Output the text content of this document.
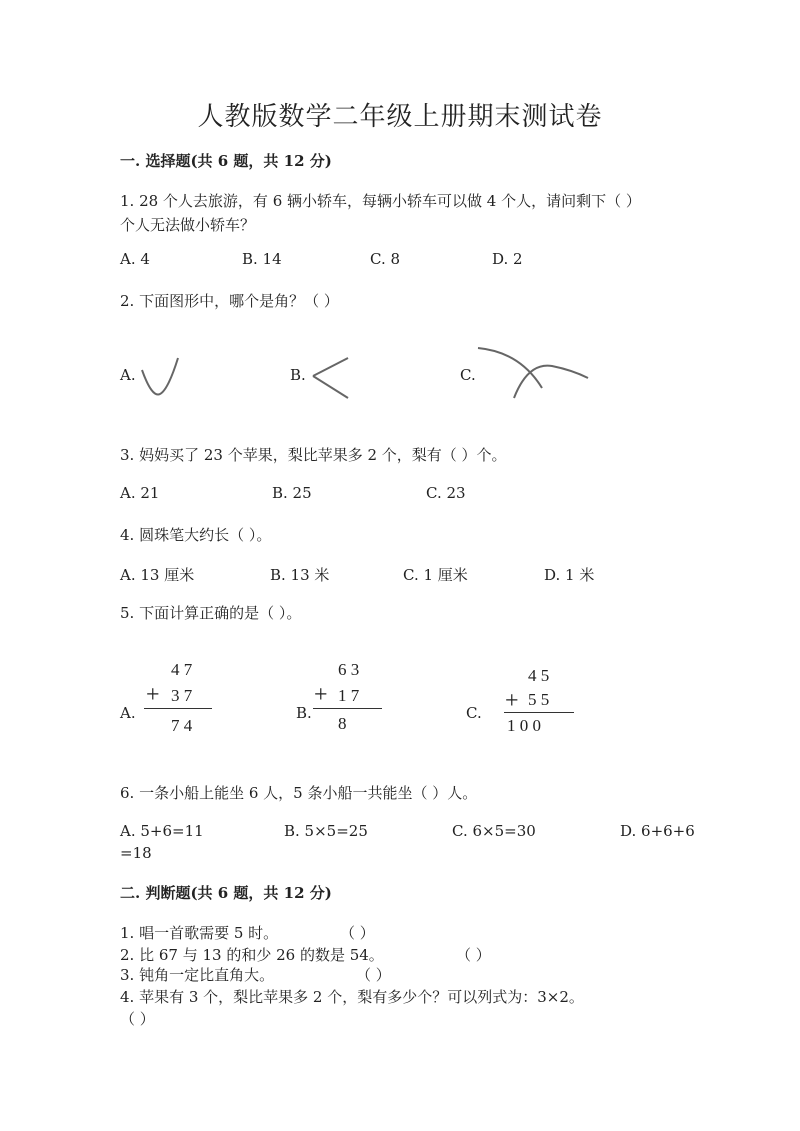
人教版数学二年级上册期末测试卷
一. 选择题(共 6 题，共 12 分)
1. 28 个人去旅游，有 6 辆小轿车，每辆小轿车可以做 4 个人，请问剩下（ ）
个人无法做小轿车？
A. 4	B. 14	C. 8	D. 2
2. 下面图形中，哪个是角？（ ）
A.	B.	C.
3. 妈妈买了 23 个苹果，梨比苹果多 2 个，梨有（ ）个。
A. 21	B. 25	C. 23
4. 圆珠笔大约长（ ）。
A. 13 厘米	B. 13 米	C. 1 厘米	D. 1 米
5. 下面计算正确的是（ ）。
A.	B.	C.
4 7
+ 3 7
7 4
6 3
+ 1 7
8
4 5
+ 5 5
1 0 0
6. 一条小船上能坐 6 人，5 条小船一共能坐（ ）人。
A. 5+6=11	B. 5×5=25	C. 6×5=30	D. 6+6+6
=18
二. 判断题(共 6 题，共 12 分)
1. 唱一首歌需要 5 时。	（ ）
2. 比 67 与 13 的和少 26 的数是 54。	（ ）
3. 钝角一定比直角大。	（ ）
4. 苹果有 3 个，梨比苹果多 2 个，梨有多少个？可以列式为：3×2。
（ ）
